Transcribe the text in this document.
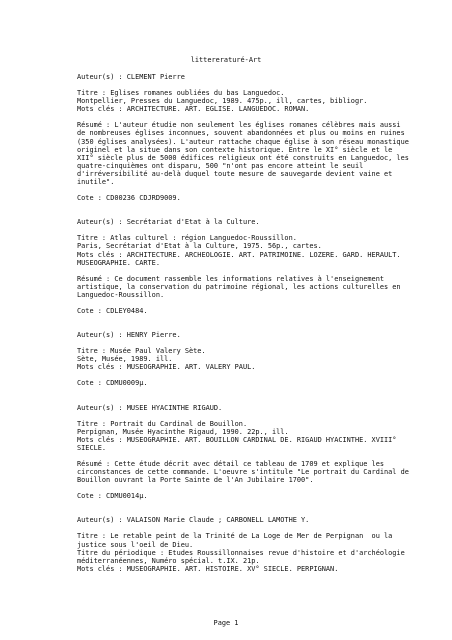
littereraturé-Art
Auteur(s) : CLEMENT Pierre
Titre : Eglises romanes oubliées du bas Languedoc.
Montpellier, Presses du Languedoc, 1989. 475p., ill, cartes, bibliogr.
Mots clés : ARCHITECTURE. ART. EGLISE. LANGUEDOC. ROMAN.
Résumé : L'auteur étudie non seulement les églises romanes célèbres mais aussi
de nombreuses églises inconnues, souvent abandonnées et plus ou moins en ruines
(350 églises analysées). L'auteur rattache chaque église à son réseau monastique
originel et la situe dans son contexte historique. Entre le XI° siècle et le
XII° siècle plus de 5000 édifices religieux ont été construits en Languedoc, les
quatre-cinquièmes ont disparu, 500 "n'ont pas encore atteint le seuil
d'irréversibilité au-delà duquel toute mesure de sauvegarde devient vaine et
inutile".
Cote : CD00236 CDJRD9009.
Auteur(s) : Secrétariat d'Etat à la Culture.
Titre : Atlas culturel : région Languedoc-Roussillon.
Paris, Secrétariat d'Etat à la Culture, 1975. 56p., cartes.
Mots clés : ARCHITECTURE. ARCHEOLOGIE. ART. PATRIMOINE. LOZERE. GARD. HERAULT.
MUSEOGRAPHIE. CARTE.
Résumé : Ce document rassemble les informations relatives à l'enseignement
artistique, la conservation du patrimoine régional, les actions culturelles en
Languedoc-Roussillon.
Cote : CDLEY0484.
Auteur(s) : HENRY Pierre.
Titre : Musée Paul Valery Sète.
Sète, Musée, 1989. ill.
Mots clés : MUSEOGRAPHIE. ART. VALERY PAUL.
Cote : CDMU0009µ.
Auteur(s) : MUSEE HYACINTHE RIGAUD.
Titre : Portrait du Cardinal de Bouillon.
Perpignan, Musée Hyacinthe Rigaud, 1990. 22p., ill.
Mots clés : MUSEOGRAPHIE. ART. BOUILLON CARDINAL DE. RIGAUD HYACINTHE. XVIII°
SIECLE.
Résumé : Cette étude décrit avec détail ce tableau de 1709 et explique les
circonstances de cette commande. L'oeuvre s'intitule "Le portrait du Cardinal de
Bouillon ouvrant la Porte Sainte de l'An Jubilaire 1700".
Cote : CDMU0014µ.
Auteur(s) : VALAISON Marie Claude ; CARBONELL LAMOTHE Y.
Titre : Le retable peint de la Trinité de La Loge de Mer de Perpignan  ou la
justice sous l'oeil de Dieu.
Titre du périodique : Etudes Roussillonnaises revue d'histoire et d'archéologie
méditerranéennes, Numéro spécial. t.IX. 21p.
Mots clés : MUSEOGRAPHIE. ART. HISTOIRE. XV° SIECLE. PERPIGNAN.
Page 1
